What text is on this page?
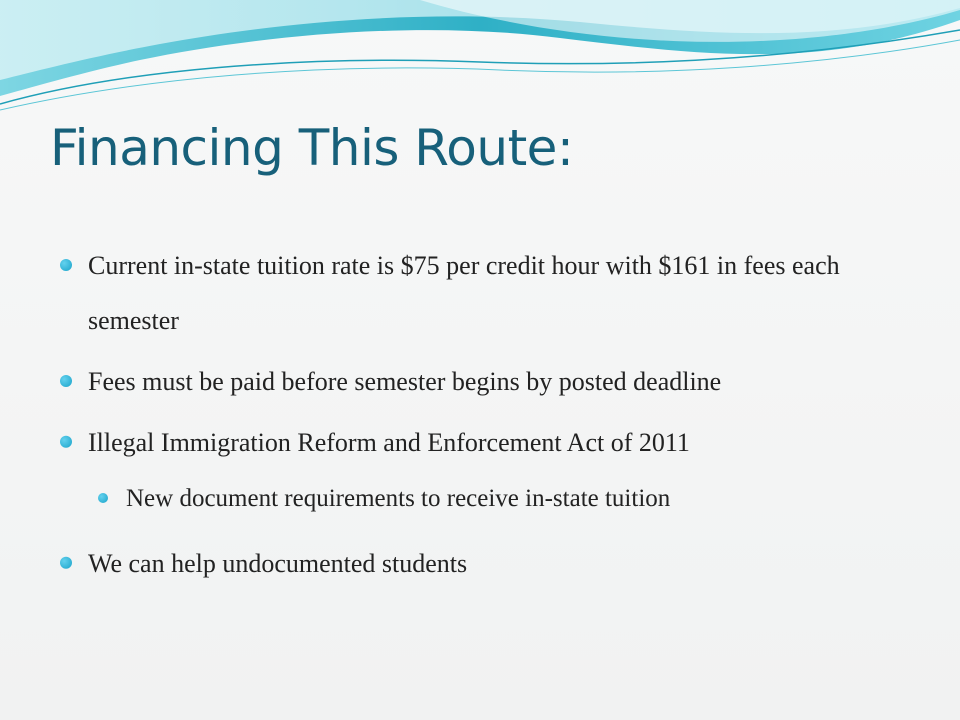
Financing This Route:
Current in-state tuition rate is $75 per credit hour with $161 in fees each semester
Fees must be paid before semester begins by posted deadline
Illegal Immigration Reform and Enforcement Act of 2011
New document requirements to receive in-state tuition
We can help undocumented students
